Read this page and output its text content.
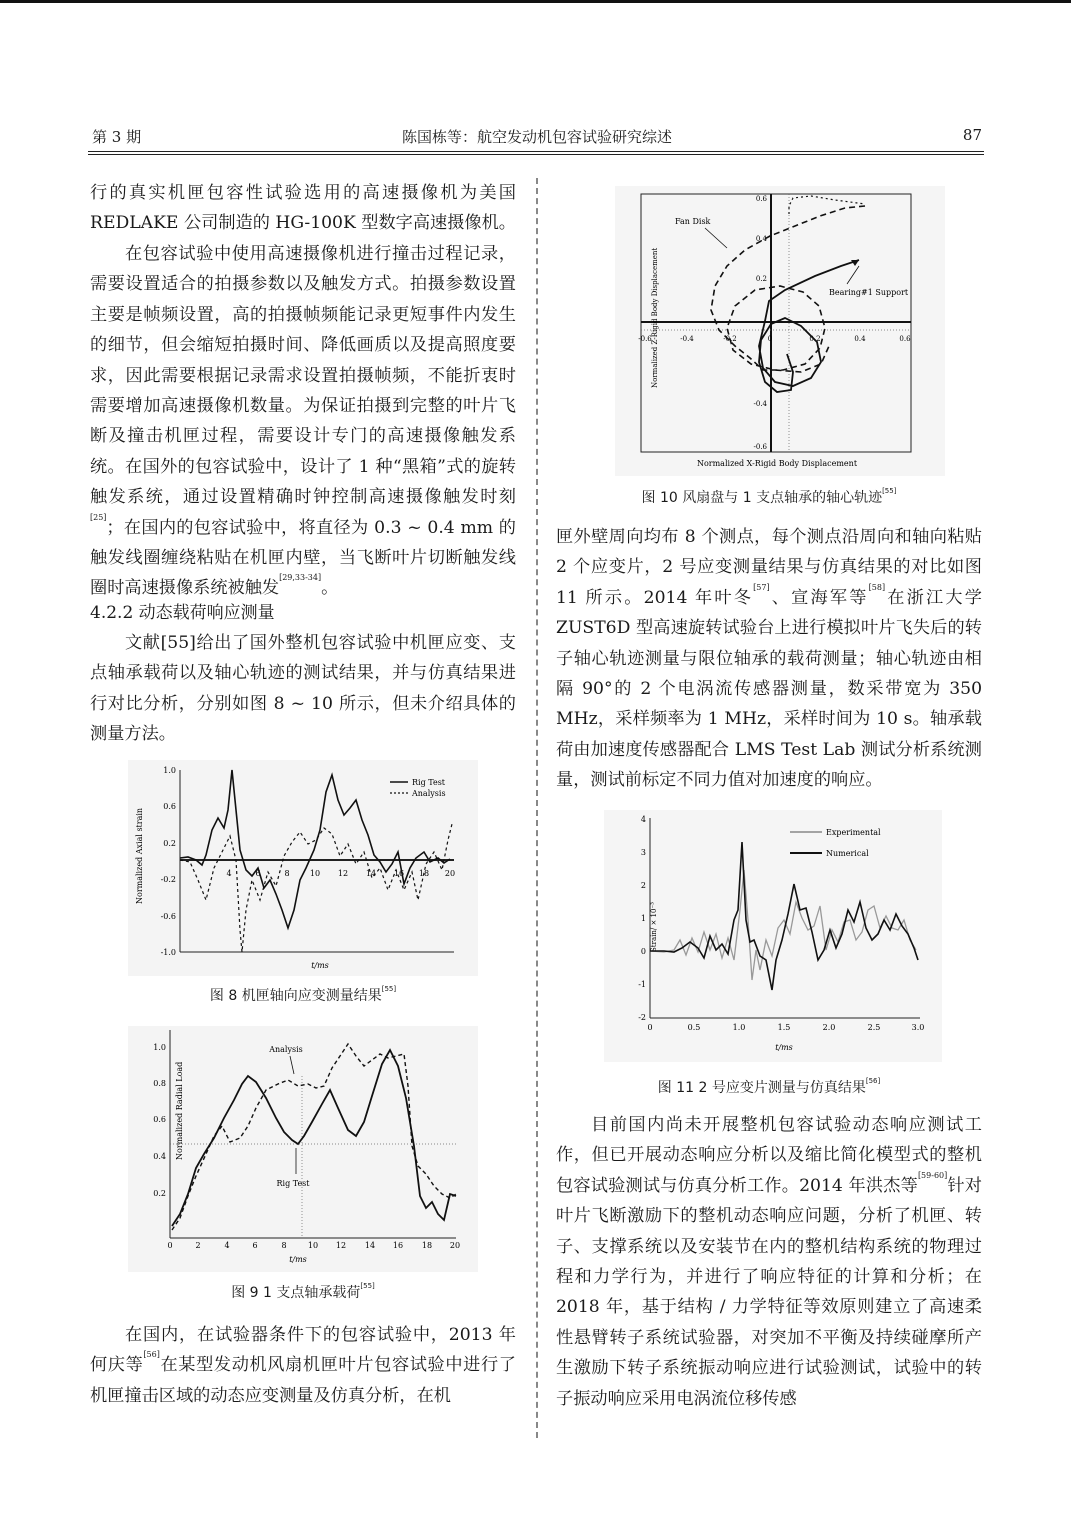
第 3 期	陈国栋等：航空发动机包容试验研究综述	87

行的真实机匣包容性试验选用的高速摄像机为美国 REDLAKE 公司制造的 HG-100K 型数字高速摄像机。

在包容试验中使用高速摄像机进行撞击过程记录，需要设置适合的拍摄参数以及触发方式。拍摄参数设置主要是帧频设置，高的拍摄帧频能记录更短事件内发生的细节，但会缩短拍摄时间、降低画质以及提高照度要求，因此需要根据记录需求设置拍摄帧频，不能折衷时需要增加高速摄像机数量。为保证拍摄到完整的叶片飞断及撞击机匣过程，需要设计专门的高速摄像触发系统。在国外的包容试验中，设计了 1 种“黑箱”式的旋转触发系统，通过设置精确时钟控制高速摄像触发时刻[25]；在国内的包容试验中，将直径为 0.3 ~ 0.4 mm 的触发线圈缠绕粘贴在机匣内壁，当飞断叶片切断触发线圈时高速摄像系统被触发[29,33-34]。

4.2.2 动态载荷响应测量

文献[55]给出了国外整机包容试验中机匣应变、支点轴承载荷以及轴心轨迹的测试结果，并与仿真结果进行对比分析，分别如图 8 ~ 10 所示，但未介绍具体的测量方法。

Normalized Axial strain
1.0
0.6
0.2
-0.2
-0.6
-1.0
4	6	8	10 12 14 16 18 20
t/ms
Rig Test
Analysis
图 8 机匣轴向应变测量结果[55]
Normalized Radial Load
1.0
0.8
0.6
0.4
0.2
0	2	4	6	8	10 12 14 16 18 20
t/ms
Analysis
Rig Test
图 9 1 支点轴承载荷[55]

在国内，在试验器条件下的包容试验中，2013 年何庆等[56]在某型发动机风扇机匣叶片包容试验中进行了机匣撞击区域的动态应变测量及仿真分析，在机

Normalized Z-Rigid Body Displacement
0.6
0.4
0.2
-0.4
-0.6
-0.6	-0.4	-0.2	0	0.2	0.4	0.6
Normalized X-Rigid Body Displacement
Fan Disk
Bearing#1 Support
图 10 风扇盘与 1 支点轴承的轴心轨迹[55]

匣外壁周向均布 8 个测点，每个测点沿周向和轴向粘贴 2 个应变片，2 号应变测量结果与仿真结果的对比如图 11 所示。2014 年叶冬[57]、宣海军等[58]在浙江大学 ZUST6D 型高速旋转试验台上进行模拟叶片飞失后的转子轴心轨迹测量与限位轴承的载荷测量；轴心轨迹由相隔 90°的 2 个电涡流传感器测量，数采带宽为 350 MHz，采样频率为 1 MHz，采样时间为 10 s。轴承载荷由加速度传感器配合 LMS Test Lab 测试分析系统测量，测试前标定不同力值对加速度的响应。

Strain/ × 10⁻³
4
3
2
1
0
-1
-2
0	0.5	1.0	1.5	2.0	2.5	3.0
t/ms
Experimental
Numerical
图 11 2 号应变片测量与仿真结果[56]

目前国内尚未开展整机包容试验动态响应测试工作，但已开展动态响应分析以及缩比简化模型式的整机包容试验测试与仿真分析工作。2014 年洪杰等[59-60]针对叶片飞断激励下的整机动态响应问题，分析了机匣、转子、支撑系统以及安装节在内的整机结构系统的物理过程和力学行为，并进行了响应特征的计算和分析；在 2018 年，基于结构 / 力学特征等效原则建立了高速柔性悬臂转子系统试验器，对突加不平衡及持续碰摩所产生激励下转子系统振动响应进行试验测试，试验中的转子振动响应采用电涡流位移传感
